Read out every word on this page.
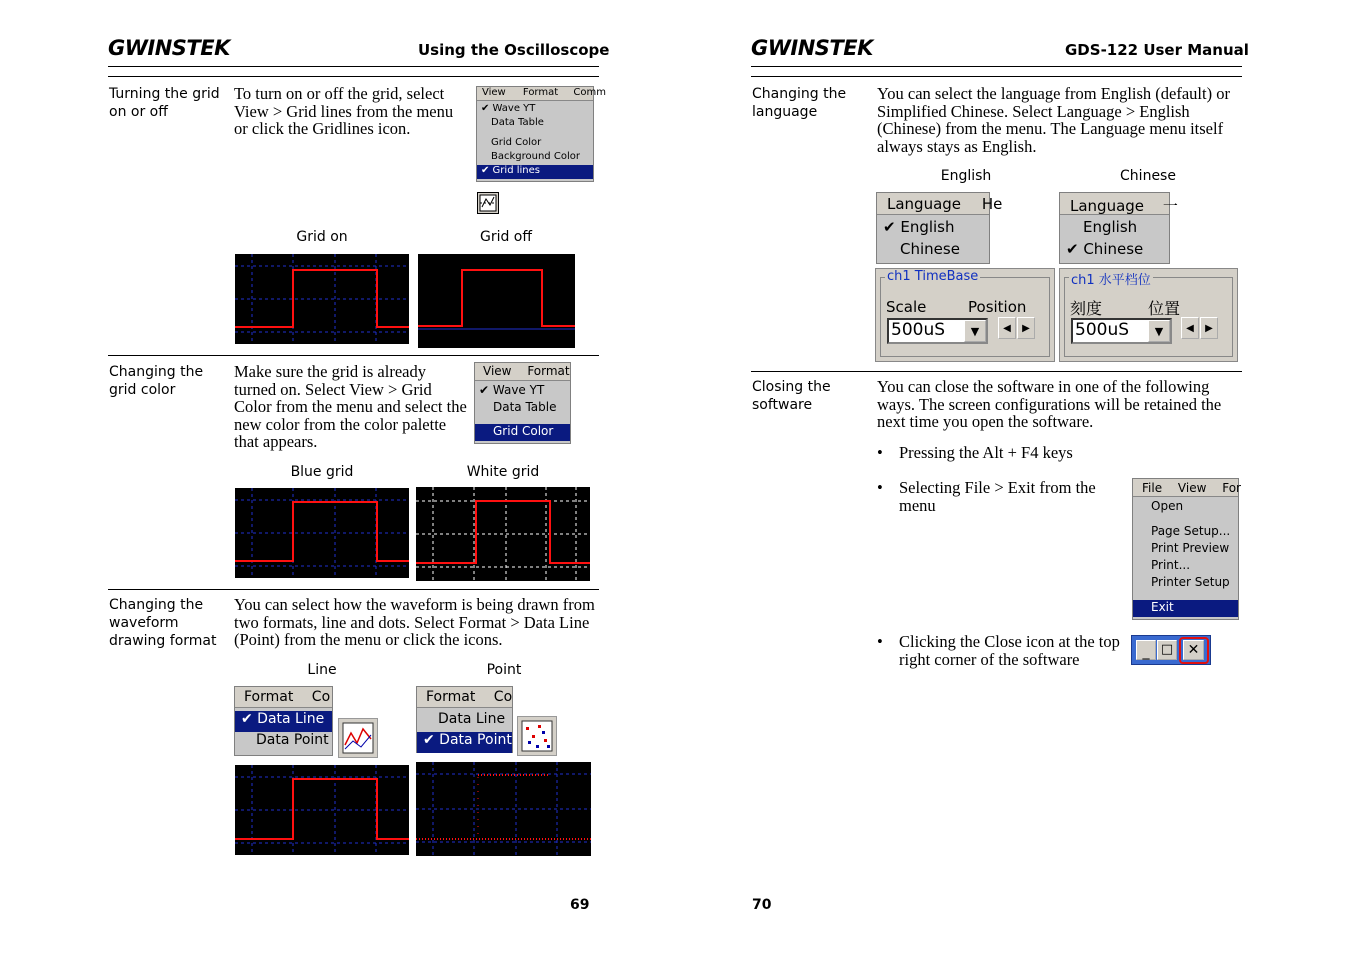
GWINSTEK	Using the Oscilloscope
Turning the grid on or off
To turn on or off the grid, select View > Grid lines from the menu or click the Gridlines icon.
View Format Comm
✔ Wave YT
Data Table
Grid Color
Background Color
✔ Grid lines
Grid on	Grid off
Changing the grid color
Make sure the grid is already turned on. Select View > Grid Color from the menu and select the new color from the color palette that appears.
View Format
✔ Wave YT
Data Table
Grid Color
Blue grid	White grid
Changing the waveform drawing format
You can select how the waveform is being drawn from two formats, line and dots. Select Format > Data Line (Point) from the menu or click the icons.
Line	Point
Format Co
✔ Data Line
Data Point
Format Co
Data Line
✔ Data Point
69
GWINSTEK	GDS-122 User Manual
Changing the language
You can select the language from English (default) or Simplified Chinese. Select Language > English (Chinese) from the menu. The Language menu itself always stays as English.
English	Chinese
Language He
✔ English
Chinese
Language 一
English
✔ Chinese
ch1 TimeBase
Scale	Position
500uS	▼	◀	▶
ch1 水平档位
刻度	位置
500uS	▼	◀	▶
Closing the software
You can close the software in one of the following ways. The screen configurations will be retained the next time you open the software.
• Pressing the Alt + F4 keys
• Selecting File > Exit from the menu
File View For
Open
Page Setup...
Print Preview
Print...
Printer Setup
Exit
• Clicking the Close icon at the top right corner of the software	_ □	✕
70
